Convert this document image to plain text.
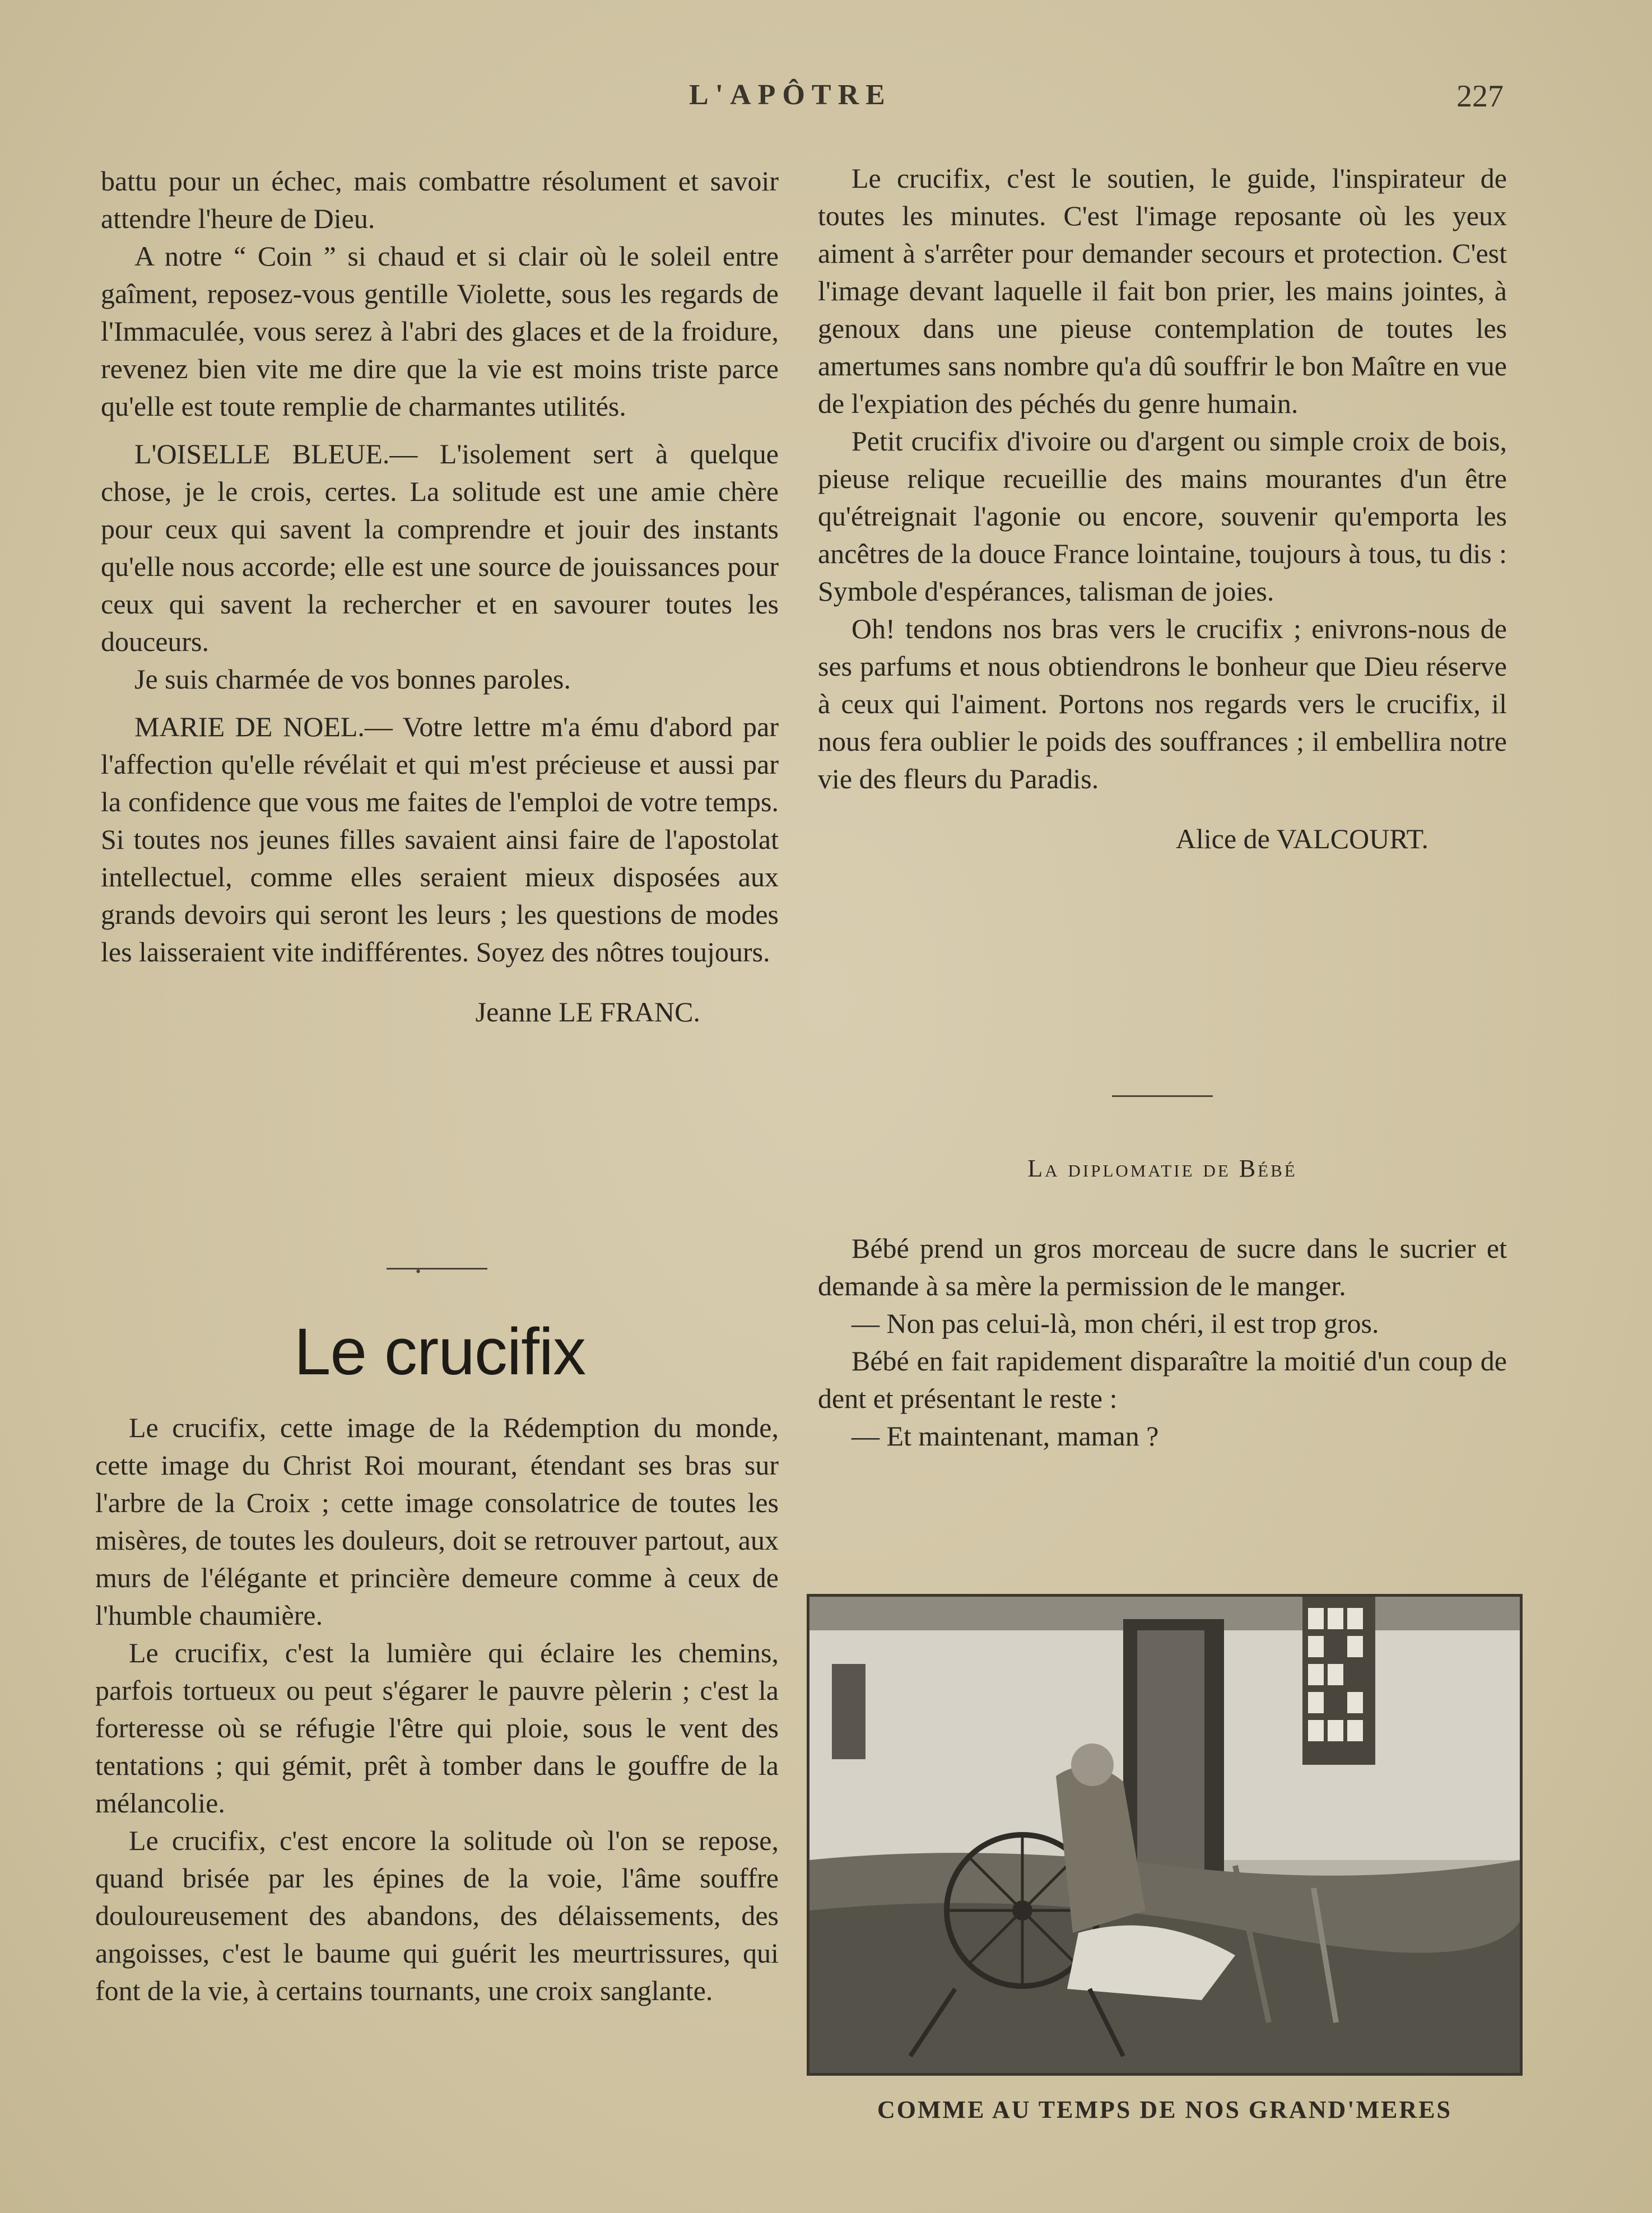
L'APÔTRE	227

battu pour un échec, mais combattre résolument et savoir attendre l'heure de Dieu.

A notre “ Coin ” si chaud et si clair où le soleil entre gaîment, reposez-vous gentille Violette, sous les regards de l'Immaculée, vous serez à l'abri des glaces et de la froidure, revenez bien vite me dire que la vie est moins triste parce qu'elle est toute remplie de charmantes utilités.

L'OISELLE BLEUE.— L'isolement sert à quelque chose, je le crois, certes. La solitude est une amie chère pour ceux qui savent la comprendre et jouir des instants qu'elle nous accorde; elle est une source de jouissances pour ceux qui savent la rechercher et en savourer toutes les douceurs.

Je suis charmée de vos bonnes paroles.

MARIE DE NOEL.— Votre lettre m'a ému d'abord par l'affection qu'elle révélait et qui m'est précieuse et aussi par la confidence que vous me faites de l'emploi de votre temps. Si toutes nos jeunes filles savaient ainsi faire de l'apostolat intellectuel, comme elles seraient mieux disposées aux grands devoirs qui seront les leurs ; les questions de modes les laisseraient vite indifférentes. Soyez des nôtres toujours.

Jeanne LE FRANC.

•
Le crucifix

Le crucifix, cette image de la Rédemption du monde, cette image du Christ Roi mourant, étendant ses bras sur l'arbre de la Croix ; cette image consolatrice de toutes les misères, de toutes les douleurs, doit se retrouver partout, aux murs de l'élégante et princière demeure comme à ceux de l'humble chaumière.

Le crucifix, c'est la lumière qui éclaire les chemins, parfois tortueux ou peut s'égarer le pauvre pèlerin ; c'est la forteresse où se réfugie l'être qui ploie, sous le vent des tentations ; qui gémit, prêt à tomber dans le gouffre de la mélancolie.

Le crucifix, c'est encore la solitude où l'on se repose, quand brisée par les épines de la voie, l'âme souffre douloureusement des abandons, des délaissements, des angoisses, c'est le baume qui guérit les meurtrissures, qui font de la vie, à certains tournants, une croix sanglante.

Le crucifix, c'est le soutien, le guide, l'inspirateur de toutes les minutes. C'est l'image reposante où les yeux aiment à s'arrêter pour demander secours et protection. C'est l'image devant laquelle il fait bon prier, les mains jointes, à genoux dans une pieuse contemplation de toutes les amertumes sans nombre qu'a dû souffrir le bon Maître en vue de l'expiation des péchés du genre humain.

Petit crucifix d'ivoire ou d'argent ou simple croix de bois, pieuse relique recueillie des mains mourantes d'un être qu'étreignait l'agonie ou encore, souvenir qu'emporta les ancêtres de la douce France lointaine, toujours à tous, tu dis : Symbole d'espérances, talisman de joies.

Oh! tendons nos bras vers le crucifix ; enivrons-nous de ses parfums et nous obtiendrons le bonheur que Dieu réserve à ceux qui l'aiment. Portons nos regards vers le crucifix, il nous fera oublier le poids des souffrances ; il embellira notre vie des fleurs du Paradis.

Alice de VALCOURT.

La diplomatie de Bébé

Bébé prend un gros morceau de sucre dans le sucrier et demande à sa mère la permission de le manger.

— Non pas celui-là, mon chéri, il est trop gros.

Bébé en fait rapidement disparaître la moitié d'un coup de dent et présentant le reste :

— Et maintenant, maman ?

COMME AU TEMPS DE NOS GRAND'MERES
